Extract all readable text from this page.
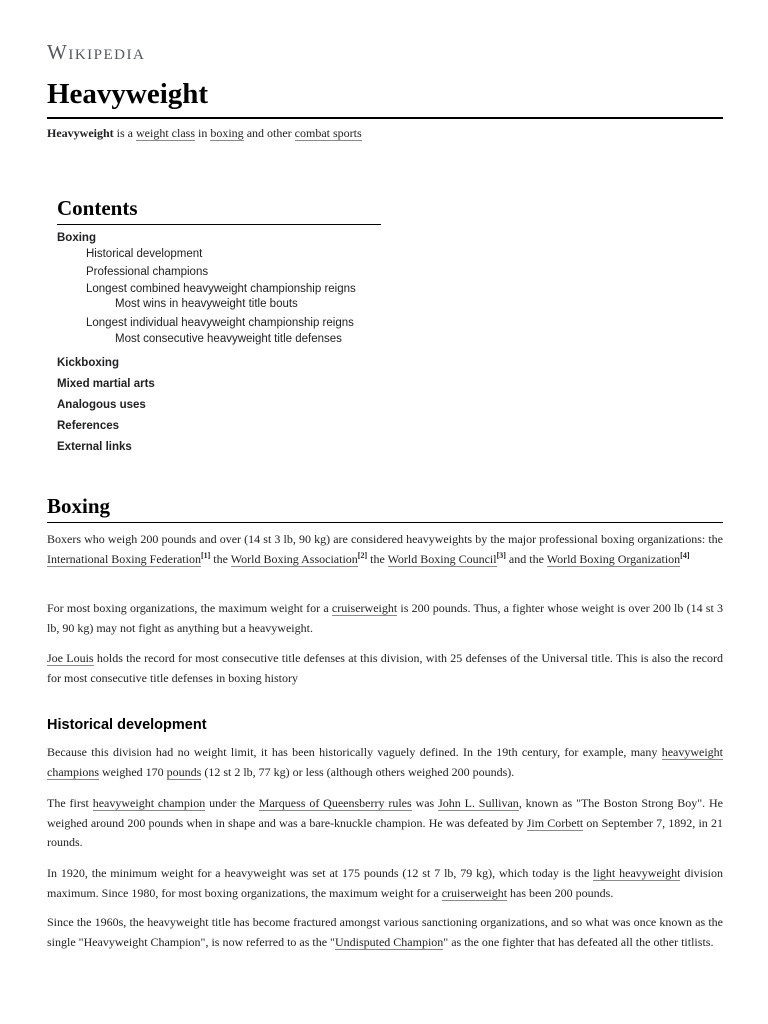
Wikipedia
Heavyweight

Heavyweight is a weight class in boxing and other combat sports

Contents
Boxing
Historical development
Professional champions
Longest combined heavyweight championship reigns
Most wins in heavyweight title bouts
Longest individual heavyweight championship reigns
Most consecutive heavyweight title defenses
Kickboxing
Mixed martial arts
Analogous uses
References
External links
Boxing

Boxers who weigh 200 pounds and over (14 st 3 lb, 90 kg) are considered heavyweights by the major professional boxing organizations: the International Boxing Federation[1] the World Boxing Association[2] the World Boxing Council[3] and the World Boxing Organization[4]

For most boxing organizations, the maximum weight for a cruiserweight is 200 pounds. Thus, a fighter whose weight is over 200 lb (14 st 3 lb, 90 kg) may not fight as anything but a heavyweight.

Joe Louis holds the record for most consecutive title defenses at this division, with 25 defenses of the Universal title. This is also the record for most consecutive title defenses in boxing history

Historical development

Because this division had no weight limit, it has been historically vaguely defined. In the 19th century, for example, many heavyweight champions weighed 170 pounds (12 st 2 lb, 77 kg) or less (although others weighed 200 pounds).

The first heavyweight champion under the Marquess of Queensberry rules was John L. Sullivan, known as "The Boston Strong Boy". He weighed around 200 pounds when in shape and was a bare-knuckle champion. He was defeated by Jim Corbett on September 7, 1892, in 21 rounds.

In 1920, the minimum weight for a heavyweight was set at 175 pounds (12 st 7 lb, 79 kg), which today is the light heavyweight division maximum. Since 1980, for most boxing organizations, the maximum weight for a cruiserweight has been 200 pounds.

Since the 1960s, the heavyweight title has become fractured amongst various sanctioning organizations, and so what was once known as the single "Heavyweight Champion", is now referred to as the "Undisputed Champion" as the one fighter that has defeated all the other titlists.
